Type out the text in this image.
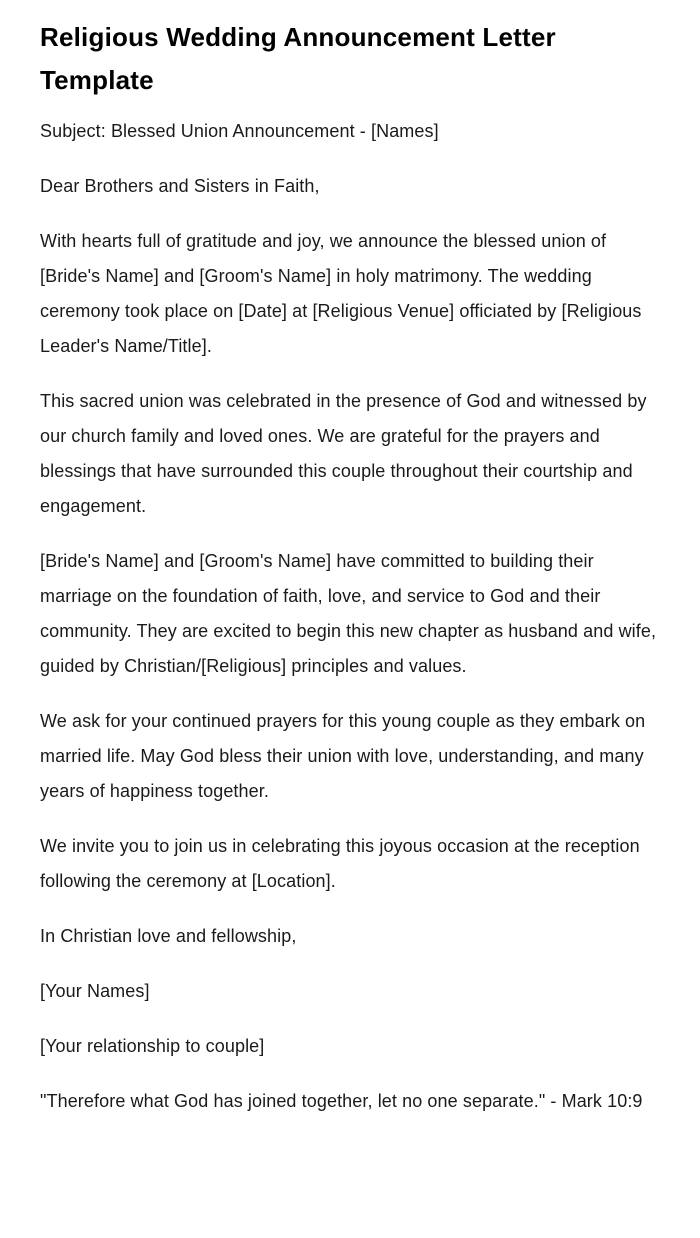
Religious Wedding Announcement Letter Template

Subject: Blessed Union Announcement - [Names]

Dear Brothers and Sisters in Faith,

With hearts full of gratitude and joy, we announce the blessed union of [Bride's Name] and [Groom's Name] in holy matrimony. The wedding ceremony took place on [Date] at [Religious Venue] officiated by [Religious Leader's Name/Title].

This sacred union was celebrated in the presence of God and witnessed by our church family and loved ones. We are grateful for the prayers and blessings that have surrounded this couple throughout their courtship and engagement.

[Bride's Name] and [Groom's Name] have committed to building their marriage on the foundation of faith, love, and service to God and their community. They are excited to begin this new chapter as husband and wife, guided by Christian/[Religious] principles and values.

We ask for your continued prayers for this young couple as they embark on married life. May God bless their union with love, understanding, and many years of happiness together.

We invite you to join us in celebrating this joyous occasion at the reception following the ceremony at [Location].

In Christian love and fellowship,

[Your Names]

[Your relationship to couple]

"Therefore what God has joined together, let no one separate." - Mark 10:9
